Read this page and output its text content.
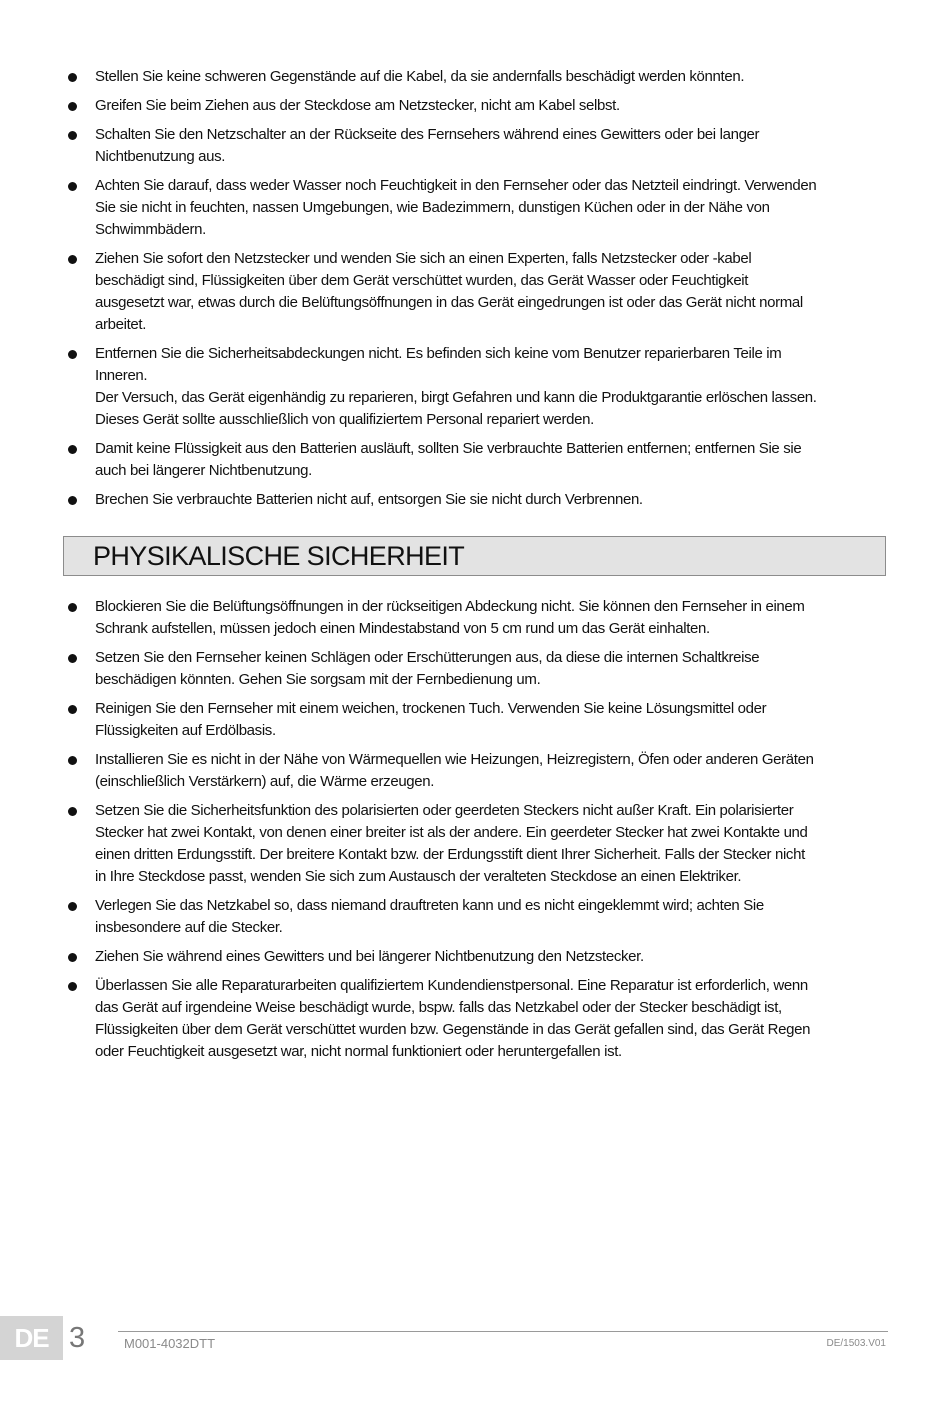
Stellen Sie keine schweren Gegenstände auf die Kabel, da sie andernfalls beschädigt werden könnten.
Greifen Sie beim Ziehen aus der Steckdose am Netzstecker, nicht am Kabel selbst.
Schalten Sie den Netzschalter an der Rückseite des Fernsehers während eines Gewitters oder bei langer
Nichtbenutzung aus.
Achten Sie darauf, dass weder Wasser noch Feuchtigkeit in den Fernseher oder das Netzteil eindringt. Verwenden
Sie sie nicht in feuchten, nassen Umgebungen, wie Badezimmern, dunstigen Küchen oder in der Nähe von
Schwimmbädern.
Ziehen Sie sofort den Netzstecker und wenden Sie sich an einen Experten, falls Netzstecker oder -kabel
beschädigt sind, Flüssigkeiten über dem Gerät verschüttet wurden, das Gerät Wasser oder Feuchtigkeit
ausgesetzt war, etwas durch die Belüftungsöffnungen in das Gerät eingedrungen ist oder das Gerät nicht normal
arbeitet.
Entfernen Sie die Sicherheitsabdeckungen nicht. Es befinden sich keine vom Benutzer reparierbaren Teile im
Inneren.
Der Versuch, das Gerät eigenhändig zu reparieren, birgt Gefahren und kann die Produktgarantie erlöschen lassen.
Dieses Gerät sollte ausschließlich von qualifiziertem Personal repariert werden.
Damit keine Flüssigkeit aus den Batterien ausläuft, sollten Sie verbrauchte Batterien entfernen; entfernen Sie sie
auch bei längerer Nichtbenutzung.
Brechen Sie verbrauchte Batterien nicht auf, entsorgen Sie sie nicht durch Verbrennen.
PHYSIKALISCHE SICHERHEIT
Blockieren Sie die Belüftungsöffnungen in der rückseitigen Abdeckung nicht. Sie können den Fernseher in einem
Schrank aufstellen, müssen jedoch einen Mindestabstand von 5 cm rund um das Gerät einhalten.
Setzen Sie den Fernseher keinen Schlägen oder Erschütterungen aus, da diese die internen Schaltkreise
beschädigen könnten. Gehen Sie sorgsam mit der Fernbedienung um.
Reinigen Sie den Fernseher mit einem weichen, trockenen Tuch. Verwenden Sie keine Lösungsmittel oder
Flüssigkeiten auf Erdölbasis.
Installieren Sie es nicht in der Nähe von Wärmequellen wie Heizungen, Heizregistern, Öfen oder anderen Geräten
(einschließlich Verstärkern) auf, die Wärme erzeugen.
Setzen Sie die Sicherheitsfunktion des polarisierten oder geerdeten Steckers nicht außer Kraft. Ein polarisierter
Stecker hat zwei Kontakt, von denen einer breiter ist als der andere. Ein geerdeter Stecker hat zwei Kontakte und
einen dritten Erdungsstift. Der breitere Kontakt bzw. der Erdungsstift dient Ihrer Sicherheit. Falls der Stecker nicht
in Ihre Steckdose passt, wenden Sie sich zum Austausch der veralteten Steckdose an einen Elektriker.
Verlegen Sie das Netzkabel so, dass niemand drauftreten kann und es nicht eingeklemmt wird; achten Sie
insbesondere auf die Stecker.
Ziehen Sie während eines Gewitters und bei längerer Nichtbenutzung den Netzstecker.
Überlassen Sie alle Reparaturarbeiten qualifiziertem Kundendienstpersonal. Eine Reparatur ist erforderlich, wenn
das Gerät auf irgendeine Weise beschädigt wurde, bspw. falls das Netzkabel oder der Stecker beschädigt ist,
Flüssigkeiten über dem Gerät verschüttet wurden bzw. Gegenstände in das Gerät gefallen sind, das Gerät Regen
oder Feuchtigkeit ausgesetzt war, nicht normal funktioniert oder heruntergefallen ist.
DE 3	M001-4032DTT	DE/1503.V01
